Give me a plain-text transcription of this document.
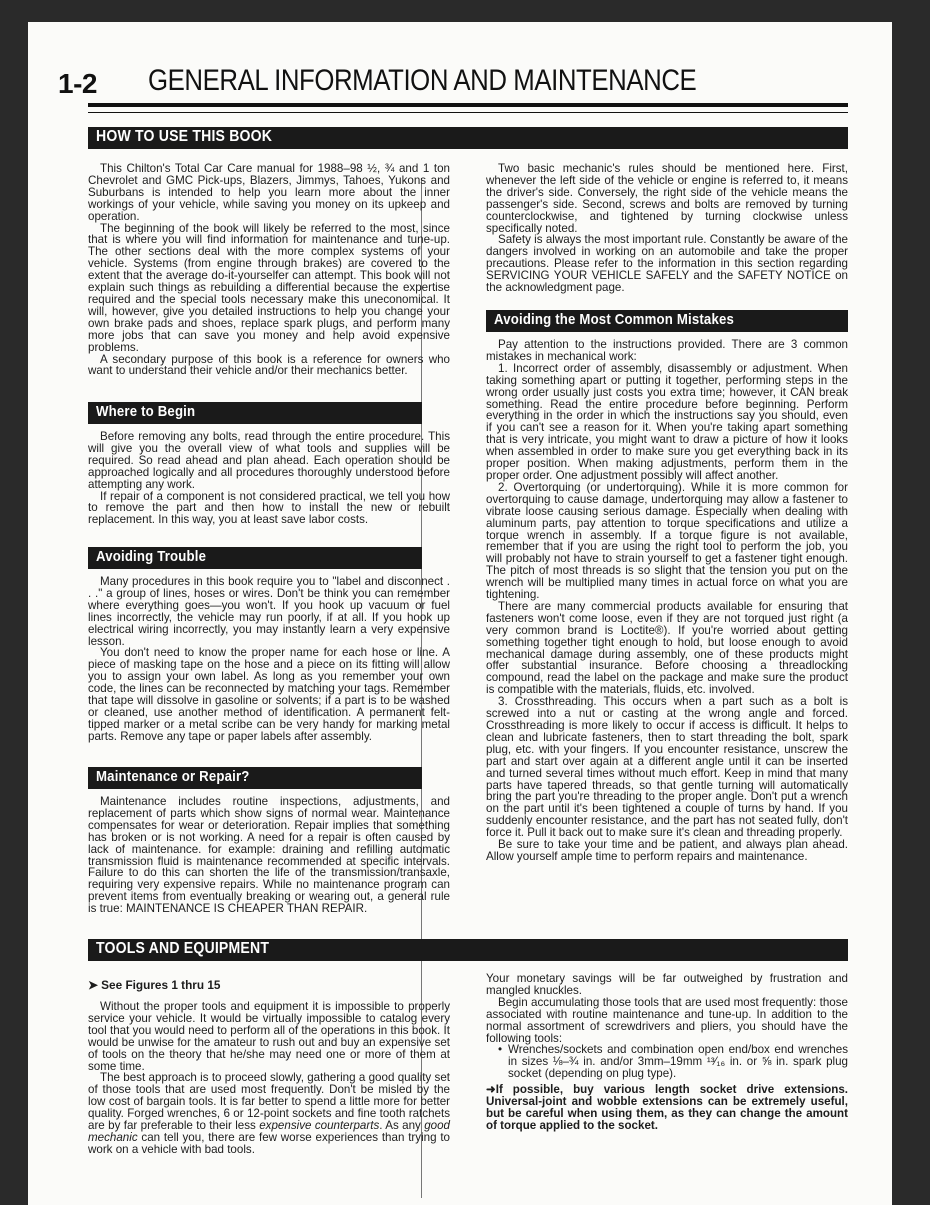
1-2 GENERAL INFORMATION AND MAINTENANCE
HOW TO USE THIS BOOK

This Chilton's Total Car Care manual for 1988–98 ½, ¾ and 1 ton Chevrolet and GMC Pick-ups, Blazers, Jimmys, Tahoes, Yukons and Suburbans is intended to help you learn more about the inner workings of your vehicle, while saving you money on its upkeep and operation.

The beginning of the book will likely be referred to the most, since that is where you will find information for maintenance and tune-up. The other sections deal with the more complex systems of your vehicle. Systems (from engine through brakes) are covered to the extent that the average do-it-yourselfer can attempt. This book will not explain such things as rebuilding a differential because the expertise required and the special tools necessary make this uneconomical. It will, however, give you detailed instructions to help you change your own brake pads and shoes, replace spark plugs, and perform many more jobs that can save you money and help avoid expensive problems.

A secondary purpose of this book is a reference for owners who want to understand their vehicle and/or their mechanics better.

Where to Begin

Before removing any bolts, read through the entire procedure. This will give you the overall view of what tools and supplies will be required. So read ahead and plan ahead. Each operation should be approached logically and all procedures thoroughly understood before attempting any work.

If repair of a component is not considered practical, we tell you how to remove the part and then how to install the new or rebuilt replacement. In this way, you at least save labor costs.

Avoiding Trouble

Many procedures in this book require you to "label and disconnect . . ." a group of lines, hoses or wires. Don't be think you can remember where everything goes—you won't. If you hook up vacuum or fuel lines incorrectly, the vehicle may run poorly, if at all. If you hook up electrical wiring incorrectly, you may instantly learn a very expensive lesson.

You don't need to know the proper name for each hose or line. A piece of masking tape on the hose and a piece on its fitting will allow you to assign your own label. As long as you remember your own code, the lines can be reconnected by matching your tags. Remember that tape will dissolve in gasoline or solvents; if a part is to be washed or cleaned, use another method of identification. A permanent felt-tipped marker or a metal scribe can be very handy for marking metal parts. Remove any tape or paper labels after assembly.

Maintenance or Repair?

Maintenance includes routine inspections, adjustments, and replacement of parts which show signs of normal wear. Maintenance compensates for wear or deterioration. Repair implies that something has broken or is not working. A need for a repair is often caused by lack of maintenance. for example: draining and refilling automatic transmission fluid is maintenance recommended at specific intervals. Failure to do this can shorten the life of the transmission/transaxle, requiring very expensive repairs. While no maintenance program can prevent items from eventually breaking or wearing out, a general rule is true: MAINTENANCE IS CHEAPER THAN REPAIR.

Two basic mechanic's rules should be mentioned here. First, whenever the left side of the vehicle or engine is referred to, it means the driver's side. Conversely, the right side of the vehicle means the passenger's side. Second, screws and bolts are removed by turning counterclockwise, and tightened by turning clockwise unless specifically noted.

Safety is always the most important rule. Constantly be aware of the dangers involved in working on an automobile and take the proper precautions. Please refer to the information in this section regarding SERVICING YOUR VEHICLE SAFELY and the SAFETY NOTICE on the acknowledgment page.

Avoiding the Most Common Mistakes

Pay attention to the instructions provided. There are 3 common mistakes in mechanical work:

1. Incorrect order of assembly, disassembly or adjustment. When taking something apart or putting it together, performing steps in the wrong order usually just costs you extra time; however, it CAN break something. Read the entire procedure before beginning. Perform everything in the order in which the instructions say you should, even if you can't see a reason for it. When you're taking apart something that is very intricate, you might want to draw a picture of how it looks when assembled in order to make sure you get everything back in its proper position. When making adjustments, perform them in the proper order. One adjustment possibly will affect another.

2. Overtorquing (or undertorquing). While it is more common for overtorquing to cause damage, undertorquing may allow a fastener to vibrate loose causing serious damage. Especially when dealing with aluminum parts, pay attention to torque specifications and utilize a torque wrench in assembly. If a torque figure is not available, remember that if you are using the right tool to perform the job, you will probably not have to strain yourself to get a fastener tight enough. The pitch of most threads is so slight that the tension you put on the wrench will be multiplied many times in actual force on what you are tightening.

There are many commercial products available for ensuring that fasteners won't come loose, even if they are not torqued just right (a very common brand is Loctite®). If you're worried about getting something together tight enough to hold, but loose enough to avoid mechanical damage during assembly, one of these products might offer substantial insurance. Before choosing a threadlocking compound, read the label on the package and make sure the product is compatible with the materials, fluids, etc. involved.

3. Crossthreading. This occurs when a part such as a bolt is screwed into a nut or casting at the wrong angle and forced. Crossthreading is more likely to occur if access is difficult. It helps to clean and lubricate fasteners, then to start threading the bolt, spark plug, etc. with your fingers. If you encounter resistance, unscrew the part and start over again at a different angle until it can be inserted and turned several times without much effort. Keep in mind that many parts have tapered threads, so that gentle turning will automatically bring the part you're threading to the proper angle. Don't put a wrench on the part until it's been tightened a couple of turns by hand. If you suddenly encounter resistance, and the part has not seated fully, don't force it. Pull it back out to make sure it's clean and threading properly.

Be sure to take your time and be patient, and always plan ahead. Allow yourself ample time to perform repairs and maintenance.

TOOLS AND EQUIPMENT
➤ See Figures 1 thru 15

Without the proper tools and equipment it is impossible to properly service your vehicle. It would be virtually impossible to catalog every tool that you would need to perform all of the operations in this book. It would be unwise for the amateur to rush out and buy an expensive set of tools on the theory that he/she may need one or more of them at some time.

The best approach is to proceed slowly, gathering a good quality set of those tools that are used most frequently. Don't be misled by the low cost of bargain tools. It is far better to spend a little more for better quality. Forged wrenches, 6 or 12-point sockets and fine tooth ratchets are by far preferable to their less expensive counterparts. As any good mechanic can tell you, there are few worse experiences than trying to work on a vehicle with bad tools.

Your monetary savings will be far outweighed by frustration and mangled knuckles.

Begin accumulating those tools that are used most frequently: those associated with routine maintenance and tune-up. In addition to the normal assortment of screwdrivers and pliers, you should have the following tools:

• Wrenches/sockets and combination open end/box end wrenches in sizes ⅛–¾ in. and/or 3mm–19mm ¹³⁄₁₆ in. or ⅝ in. spark plug socket (depending on plug type).

➜If possible, buy various length socket drive extensions. Universal-joint and wobble extensions can be extremely useful, but be careful when using them, as they can change the amount of torque applied to the socket.
